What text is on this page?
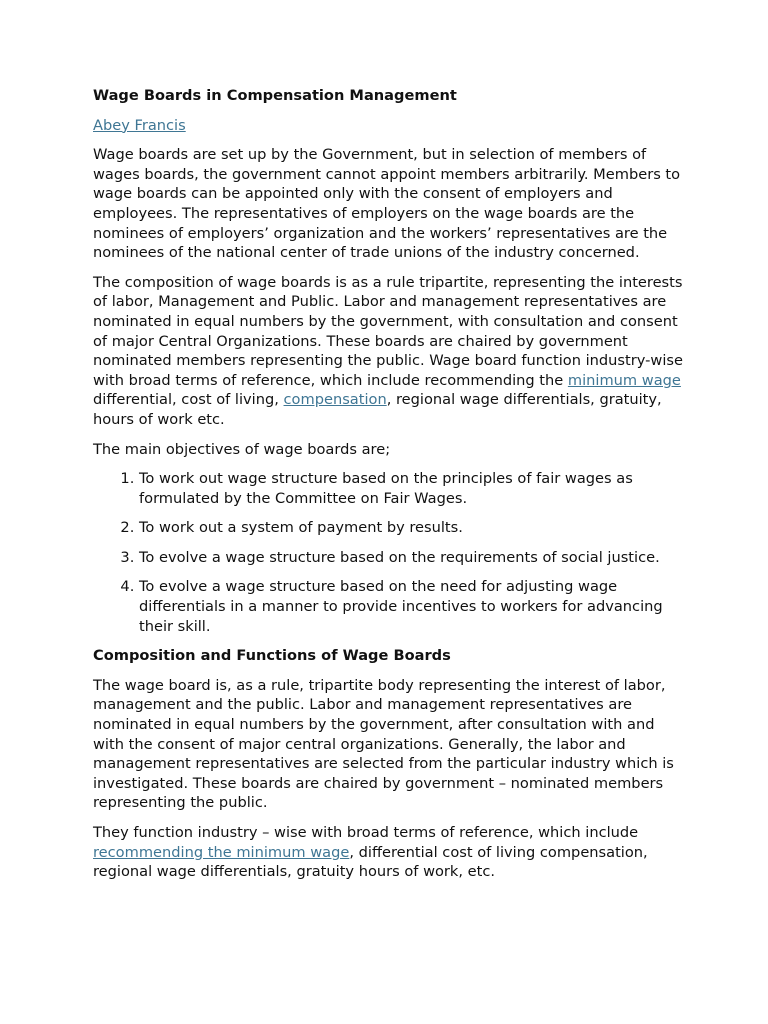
Wage Boards in Compensation Management
Abey Francis

Wage boards are set up by the Government, but in selection of members of wages boards, the government cannot appoint members arbitrarily. Members to wage boards can be appointed only with the consent of employers and employees. The representatives of employers on the wage boards are the nominees of employers’ organization and the workers’ representatives are the nominees of the national center of trade unions of the industry concerned.

The composition of wage boards is as a rule tripartite, representing the interests of labor, Management and Public. Labor and management representatives are nominated in equal numbers by the government, with consultation and consent of major Central Organizations. These boards are chaired by government nominated members representing the public. Wage board function industry-wise with broad terms of reference, which include recommending the minimum wage differential, cost of living, compensation, regional wage differentials, gratuity, hours of work etc.

The main objectives of wage boards are;

1. To work out wage structure based on the principles of fair wages as formulated by the Committee on Fair Wages.
2. To work out a system of payment by results.
3. To evolve a wage structure based on the requirements of social justice.
4. To evolve a wage structure based on the need for adjusting wage differentials in a manner to provide incentives to workers for advancing their skill.
Composition and Functions of Wage Boards

The wage board is, as a rule, tripartite body representing the interest of labor, management and the public. Labor and management representatives are nominated in equal numbers by the government, after consultation with and with the consent of major central organizations. Generally, the labor and management representatives are selected from the particular industry which is investigated. These boards are chaired by government – nominated members representing the public.

They function industry – wise with broad terms of reference, which include recommending the minimum wage, differential cost of living compensation, regional wage differentials, gratuity hours of work, etc.
